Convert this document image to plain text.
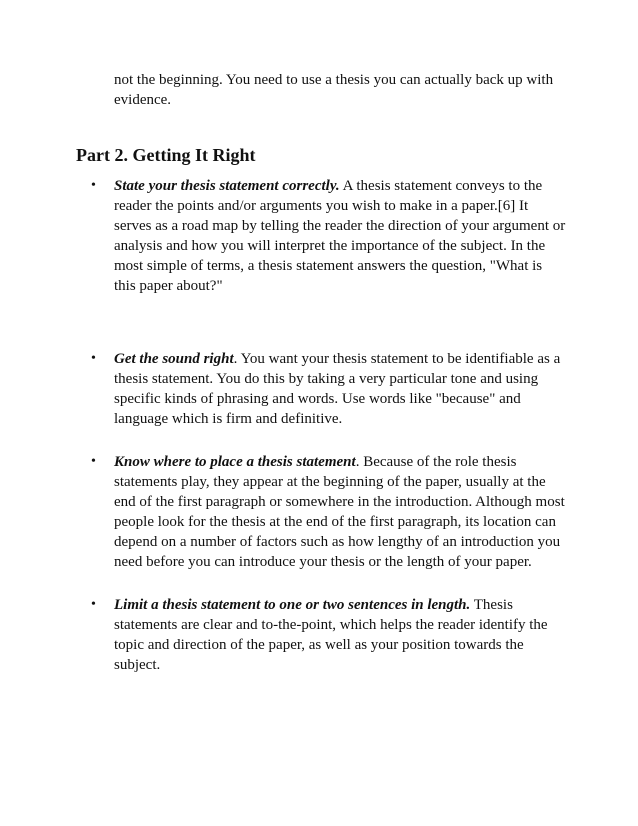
not the beginning. You need to use a thesis you can actually back up with evidence.

Part 2. Getting It Right
• State your thesis statement correctly. A thesis statement conveys to the reader the points and/or arguments you wish to make in a paper.[6] It serves as a road map by telling the reader the direction of your argument or analysis and how you will interpret the importance of the subject. In the most simple of terms, a thesis statement answers the question, "What is this paper about?"
• Get the sound right. You want your thesis statement to be identifiable as a thesis statement. You do this by taking a very particular tone and using specific kinds of phrasing and words. Use words like "because" and language which is firm and definitive.
• Know where to place a thesis statement. Because of the role thesis statements play, they appear at the beginning of the paper, usually at the end of the first paragraph or somewhere in the introduction. Although most people look for the thesis at the end of the first paragraph, its location can depend on a number of factors such as how lengthy of an introduction you need before you can introduce your thesis or the length of your paper.
• Limit a thesis statement to one or two sentences in length. Thesis statements are clear and to-the-point, which helps the reader identify the topic and direction of the paper, as well as your position towards the subject.
